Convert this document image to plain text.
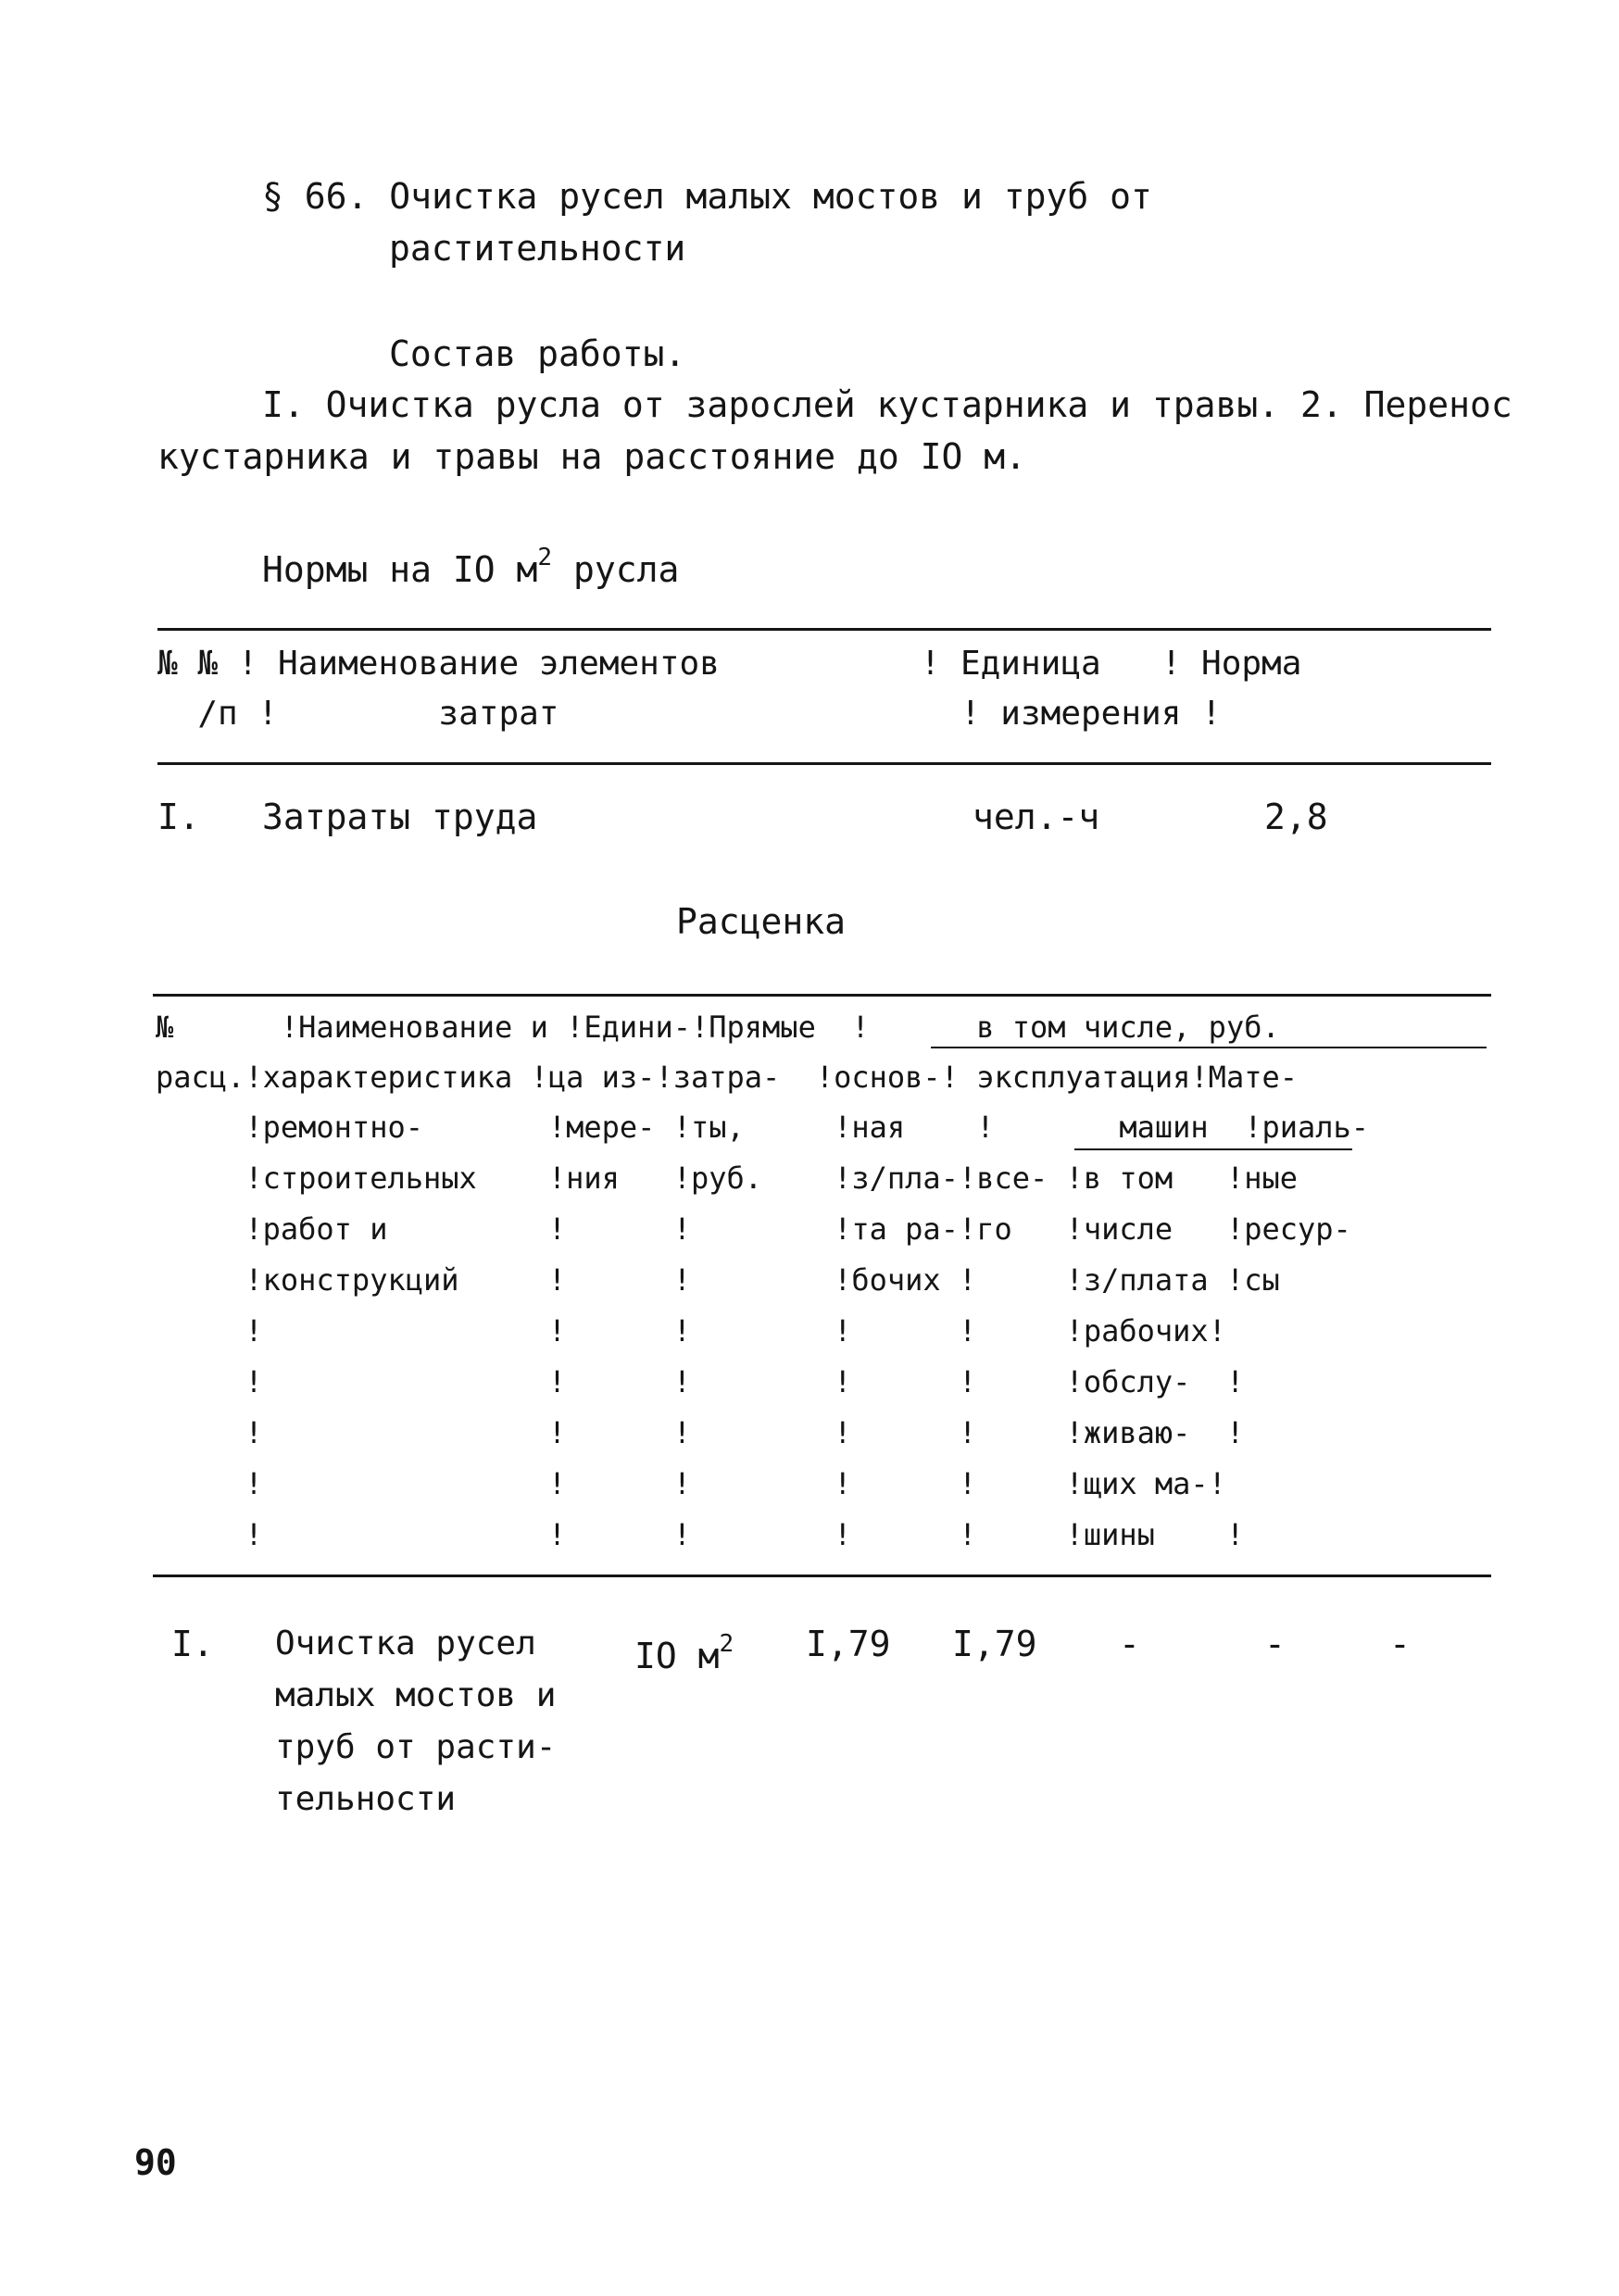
§ 66. Очистка русел малых мостов и труб от
растительности
Состав работы.
I. Очистка русла от зарослей кустарника и травы. 2. Перенос
кустарника и травы на расстояние до IO м.
Нормы на IO $м^2$ русла
№ № ! Наименование элементов          ! Единица   ! Норма
/п !        затрат                    ! измерения !
I. Затраты труда	чел.-ч	2,8
Расценка
№      !Наименование и !Едини-!Прямые  !      в том числе, руб.
расц.!характеристика !ца из-!затра-  !основ-! эксплуатация!Мате-
!ремонтно-       !мере- !ты,     !ная    !       машин  !риаль-
!строительных    !ния   !руб.    !з/пла-!все- !в том   !ные
!работ и         !      !        !та ра-!го   !числе   !ресур-
!конструкций     !      !        !бочих !     !з/плата !сы
!                !      !        !      !     !рабочих!
!                !      !        !      !     !обслу-  !
!                !      !        !      !     !живаю-  !
!                !      !        !      !     !щих ма-!
!                !      !        !      !     !шины    !
I. Очистка русел
малых мостов и
труб от расти-
тельности
IO $м^2$ I,79 I,79 -	-	-
90
